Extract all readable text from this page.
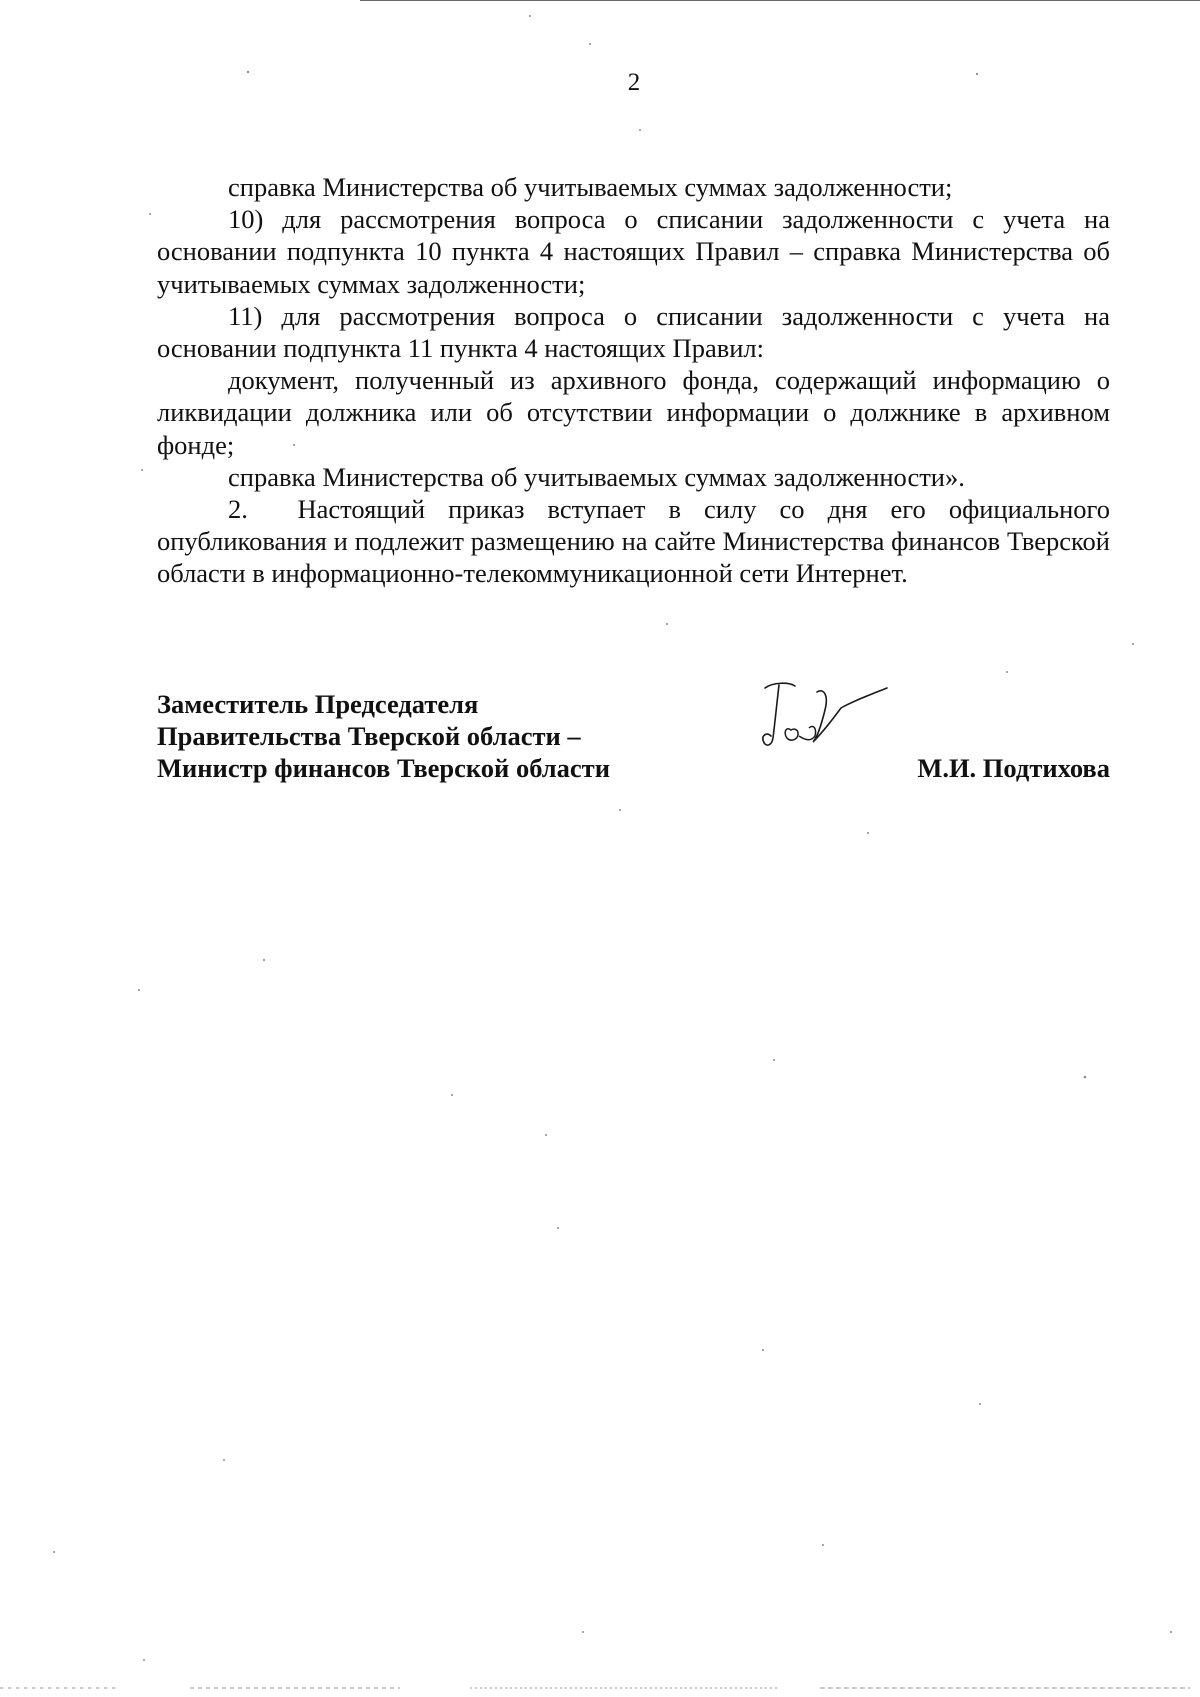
2

справка Министерства об учитываемых суммах задолженности;

10) для рассмотрения вопроса о списании задолженности с учета на основании подпункта 10 пункта 4 настоящих Правил – справка Министерства об учитываемых суммах задолженности;

11) для рассмотрения вопроса о списании задолженности с учета на основании подпункта 11 пункта 4 настоящих Правил:

документ, полученный из архивного фонда, содержащий информацию о ликвидации должника или об отсутствии информации о должнике в архивном фонде;

справка Министерства об учитываемых суммах задолженности».

2.  Настоящий приказ вступает в силу со дня его официального опубликования и подлежит размещению на сайте Министерства финансов Тверской области в информационно-телекоммуникационной сети Интернет.

Заместитель Председателя
Правительства Тверской области –
Министр финансов Тверской области	М.И. Подтихова
